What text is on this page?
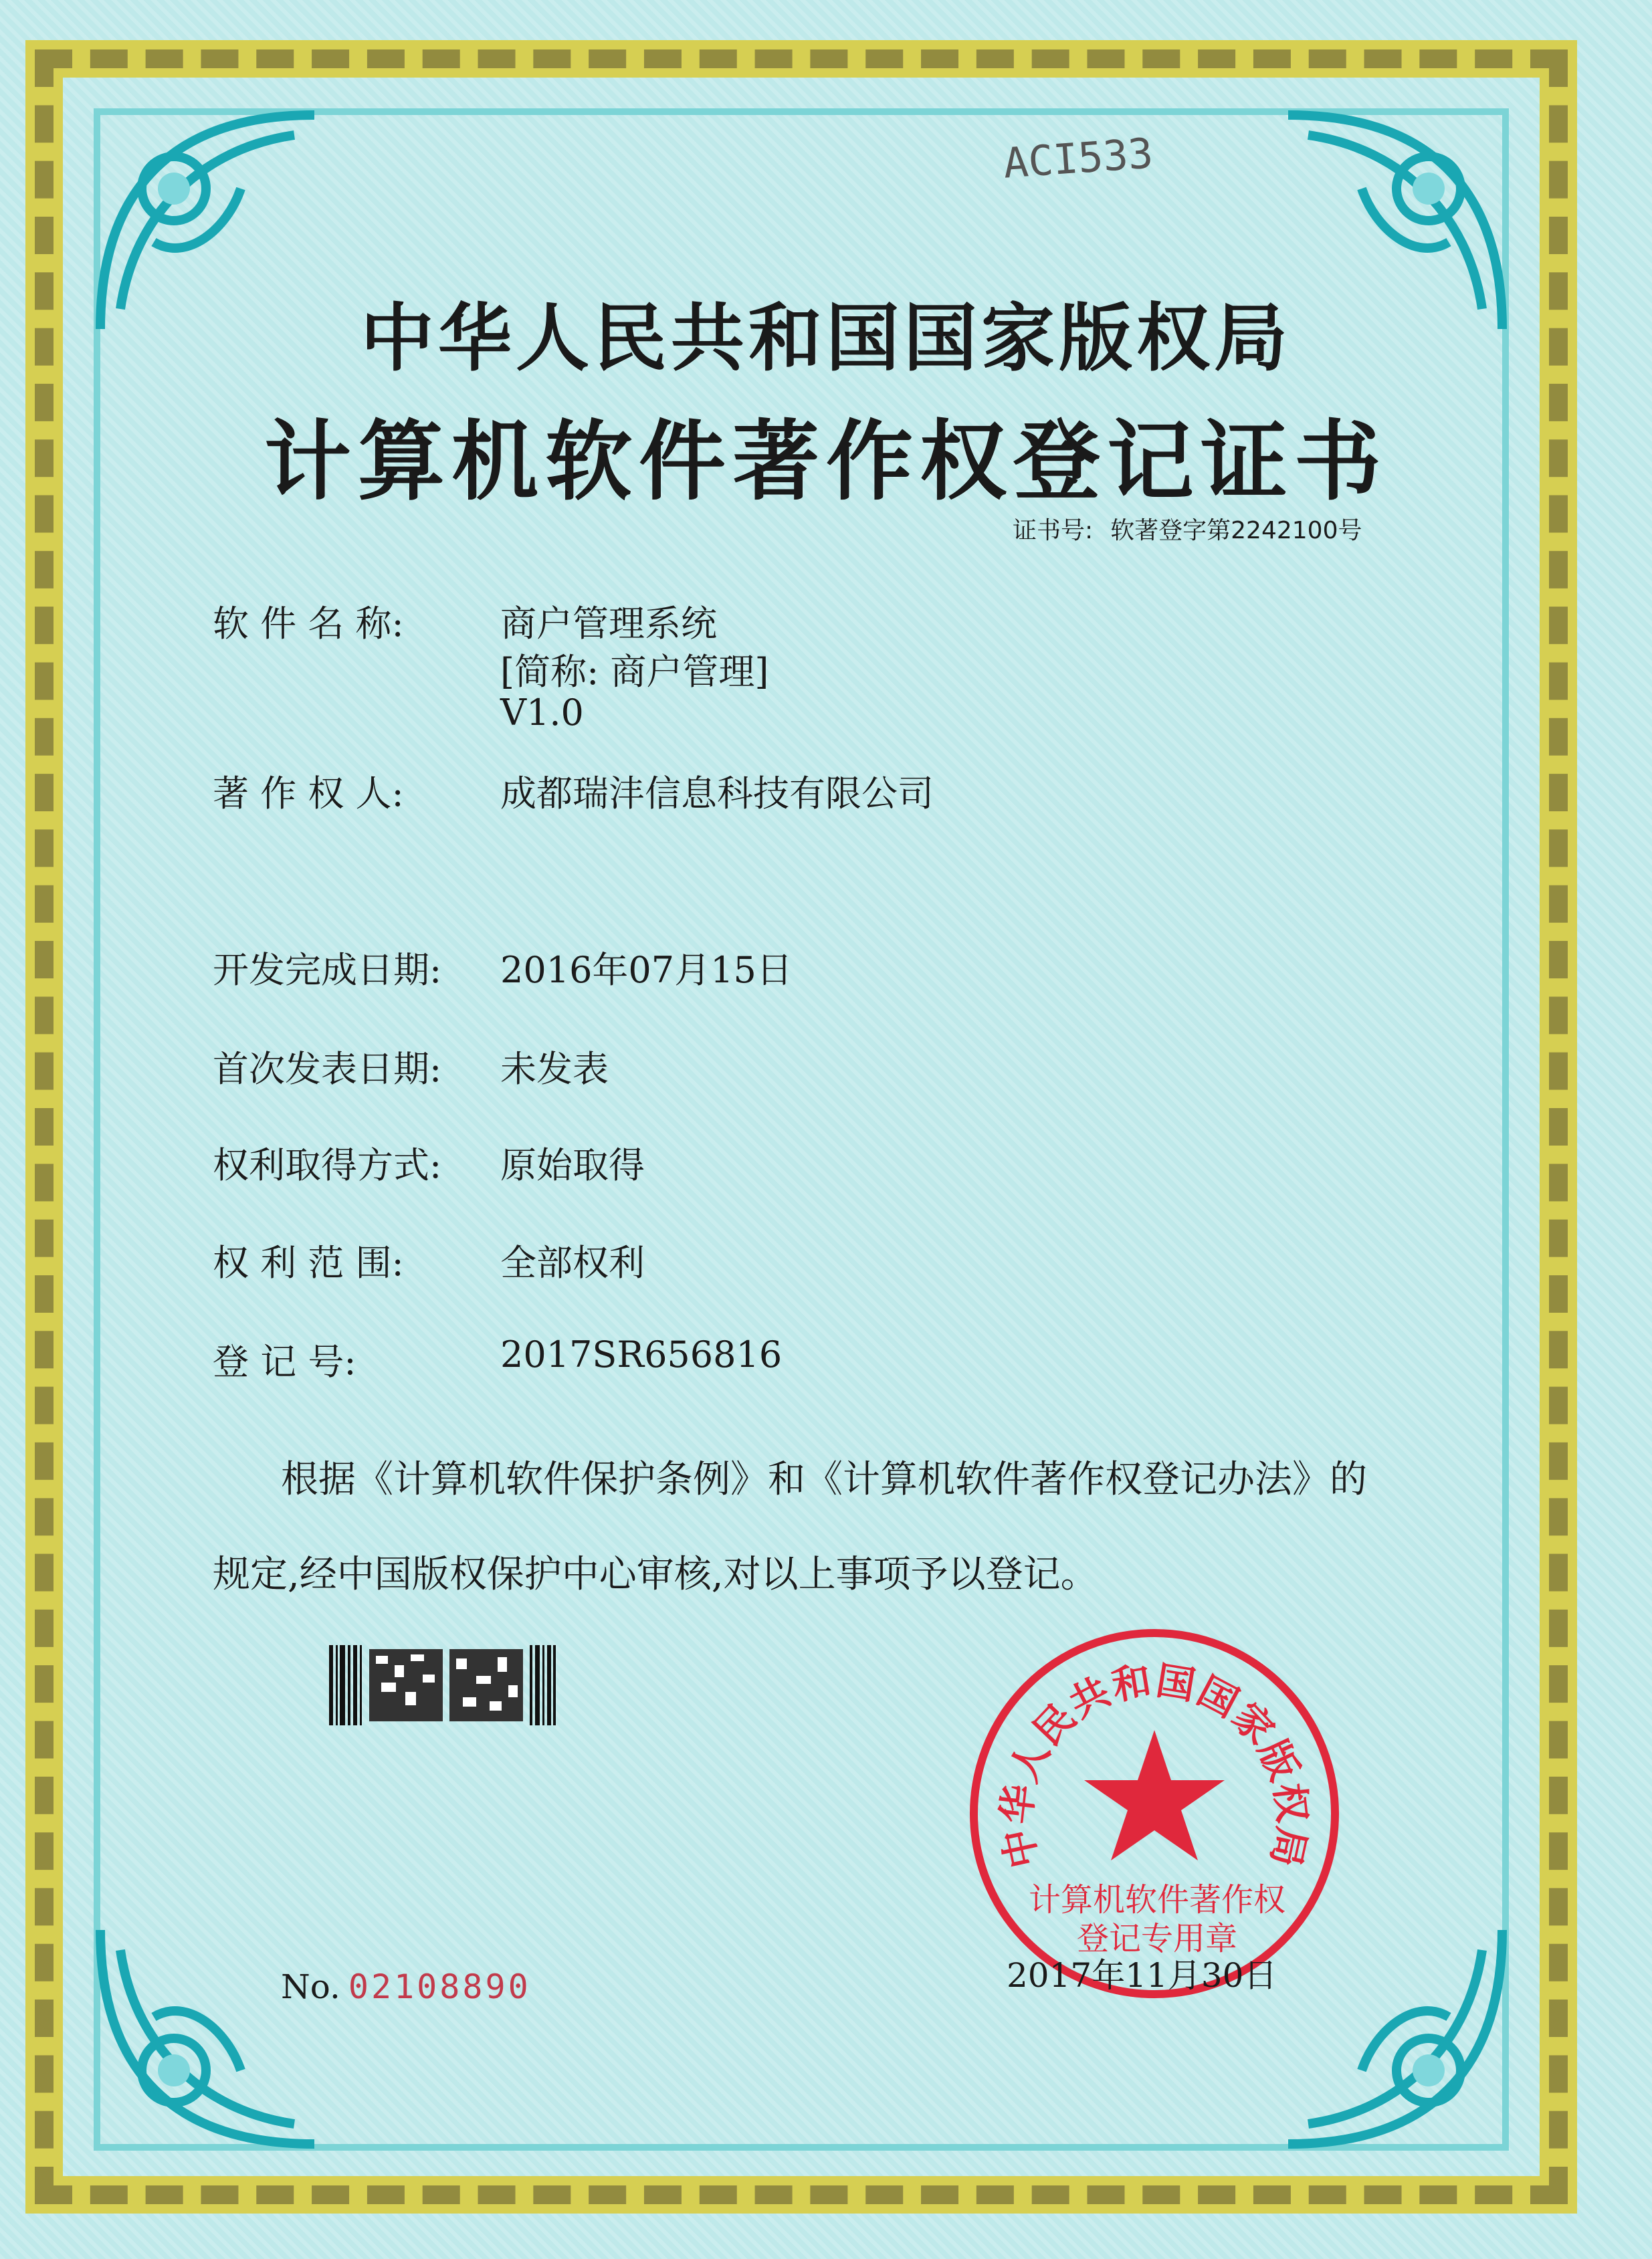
ACI533
中华人民共和国国家版权局
计算机软件著作权登记证书
证书号: 软著登字第2242100号
软 件 名 称:	商户管理系统
[简称: 商户管理]
V1.0
著 作 权 人:	成都瑞沣信息科技有限公司
开发完成日期: 2016年07月15日
首次发表日期: 未发表
权利取得方式: 原始取得
权 利 范 围:	全部权利
登 记 号:	2017SR656816
根据《计算机软件保护条例》和《计算机软件著作权登记办法》的
规定,经中国版权保护中心审核,对以上事项予以登记。
No. 02108890
中华人民共和国国家版权局
计算机软件著作权
登记专用章
2017年11月30日
